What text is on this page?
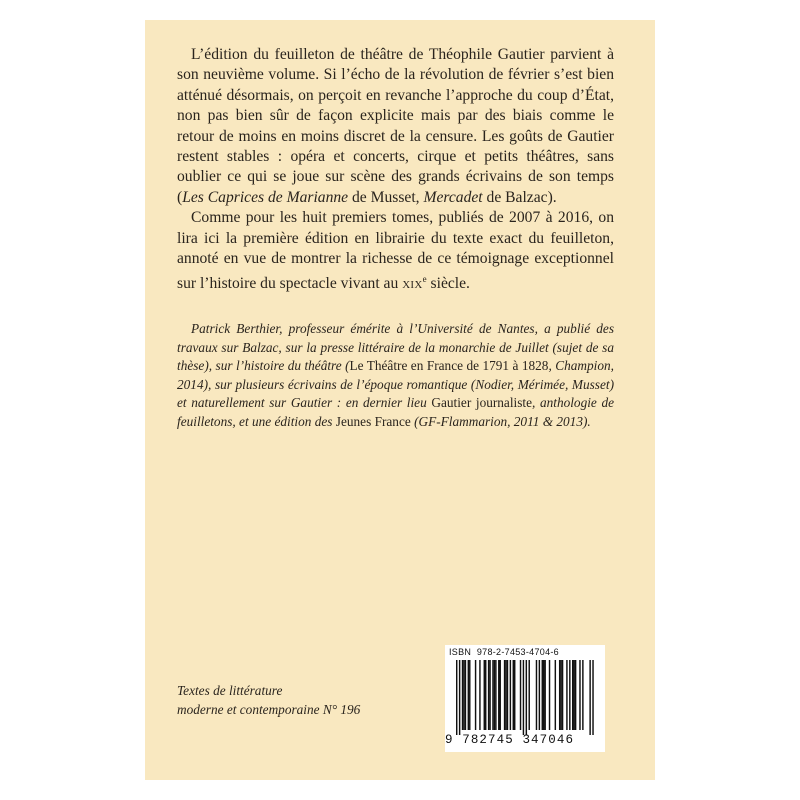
L’édition du feuilleton de théâtre de Théophile Gautier parvient à son neuvième volume. Si l’écho de la révolution de février s’est bien atténué désormais, on perçoit en revanche l’approche du coup d’État, non pas bien sûr de façon explicite mais par des biais comme le retour de moins en moins discret de la censure. Les goûts de Gautier restent stables : opéra et concerts, cirque et petits théâtres, sans oublier ce qui se joue sur scène des grands écrivains de son temps (Les Caprices de Marianne de Musset, Mercadet de Balzac).

Comme pour les huit premiers tomes, publiés de 2007 à 2016, on lira ici la première édition en librairie du texte exact du feuilleton, annoté en vue de montrer la richesse de ce témoignage exceptionnel sur l’histoire du spectacle vivant au XIXe siècle.

Patrick Berthier, professeur émérite à l’Université de Nantes, a publié des travaux sur Balzac, sur la presse littéraire de la monarchie de Juillet (sujet de sa thèse), sur l’histoire du théâtre (Le Théâtre en France de 1791 à 1828, Champion, 2014), sur plusieurs écrivains de l’époque romantique (Nodier, Mérimée, Musset) et naturellement sur Gautier : en dernier lieu Gautier journaliste, anthologie de feuilletons, et une édition des Jeunes France (GF-Flammarion, 2011 & 2013).
Textes de littérature
moderne et contemporaine N° 196
ISBN 978-2-7453-4704-6
9 782745 347046
